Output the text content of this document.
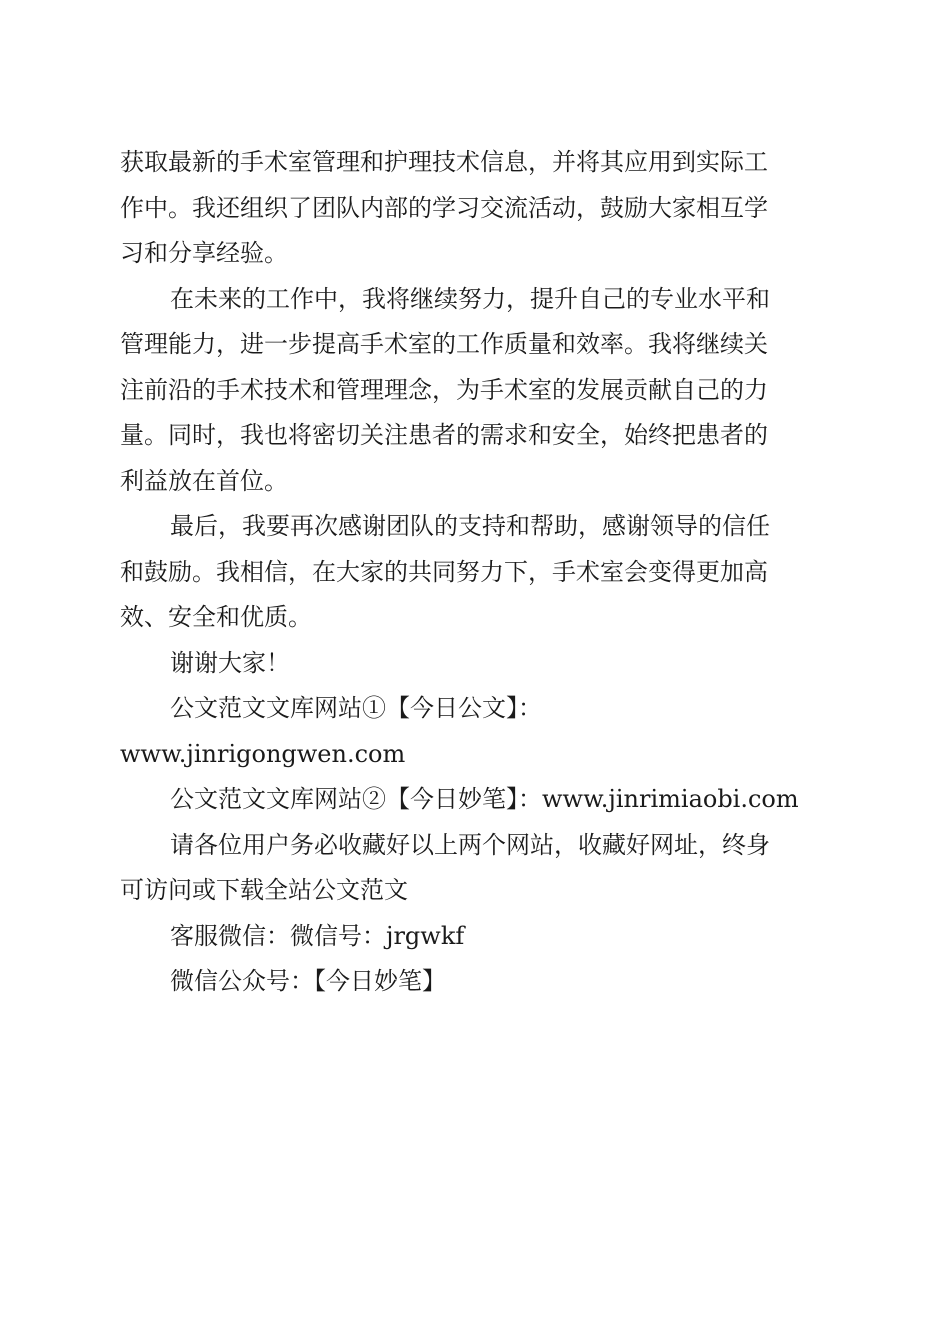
获取最新的手术室管理和护理技术信息，并将其应用到实际工
作中。我还组织了团队内部的学习交流活动，鼓励大家相互学
习和分享经验。
在未来的工作中，我将继续努力，提升自己的专业水平和
管理能力，进一步提高手术室的工作质量和效率。我将继续关
注前沿的手术技术和管理理念，为手术室的发展贡献自己的力
量。同时，我也将密切关注患者的需求和安全，始终把患者的
利益放在首位。
最后，我要再次感谢团队的支持和帮助，感谢领导的信任
和鼓励。我相信，在大家的共同努力下，手术室会变得更加高
效、安全和优质。
谢谢大家！
公文范文文库网站①【今日公文】：
www.jinrigongwen.com
公文范文文库网站②【今日妙笔】：www.jinrimiaobi.com
请各位用户务必收藏好以上两个网站，收藏好网址，终身
可访问或下载全站公文范文
客服微信：微信号：jrgwkf
微信公众号：【今日妙笔】
